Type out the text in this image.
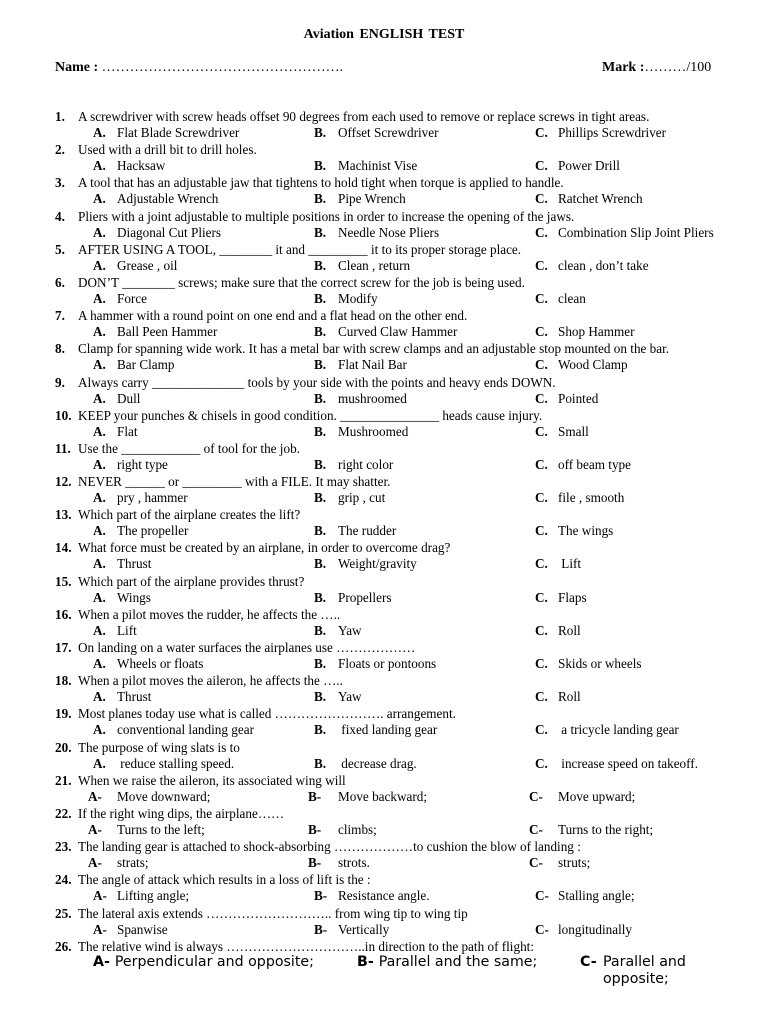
Aviation ENGLISH TEST
Name : …………………………………………….	Mark :………/100
1. A screwdriver with screw heads offset 90 degrees from each used to remove or replace screws in tight areas.
A. Flat Blade Screwdriver	B. Offset Screwdriver	C. Phillips Screwdriver
2. Used with a drill bit to drill holes.
A. Hacksaw	B. Machinist Vise	C. Power Drill
3. A tool that has an adjustable jaw that tightens to hold tight when torque is applied to handle.
A. Adjustable Wrench	B. Pipe Wrench	C. Ratchet Wrench
4. Pliers with a joint adjustable to multiple positions in order to increase the opening of the jaws.
A. Diagonal Cut Pliers	B. Needle Nose Pliers	C. Combination Slip Joint Pliers
5. AFTER USING A TOOL, ________ it and _________ it to its proper storage place.
A. Grease , oil	B. Clean , return	C. clean , don’t take
6. DON’T ________ screws; make sure that the correct screw for the job is being used.
A. Force	B. Modify	C. clean
7. A hammer with a round point on one end and a flat head on the other end.
A. Ball Peen Hammer	B. Curved Claw Hammer	C. Shop Hammer
8. Clamp for spanning wide work. It has a metal bar with screw clamps and an adjustable stop mounted on the bar.
A. Bar Clamp	B. Flat Nail Bar	C. Wood Clamp
9. Always carry ______________ tools by your side with the points and heavy ends DOWN.
A. Dull	B. mushroomed	C. Pointed
10. KEEP your punches & chisels in good condition. _______________ heads cause injury.
A. Flat	B. Mushroomed	C. Small
11. Use the ____________ of tool for the job.
A. right type	B. right color	C. off beam type
12. NEVER ______ or _________ with a FILE. It may shatter.
A. pry , hammer	B. grip , cut	C. file , smooth
13. Which part of the airplane creates the lift?
A. The propeller	B. The rudder	C. The wings
14. What force must be created by an airplane, in order to overcome drag?
A. Thrust	B. Weight/gravity	C. Lift
15. Which part of the airplane provides thrust?
A. Wings	B. Propellers	C. Flaps
16. When a pilot moves the rudder, he affects the …..
A. Lift	B. Yaw	C. Roll
17. On landing on a water surfaces the airplanes use ………………
A. Wheels or floats	B. Floats or pontoons	C. Skids or wheels
18. When a pilot moves the aileron, he affects the …..
A. Thrust	B. Yaw	C. Roll
19. Most planes today use what is called ……………………. arrangement.
A. conventional landing gear	B. fixed landing gear	C. a tricycle landing gear
20. The purpose of wing slats is to
A. reduce stalling speed.	B. decrease drag.	C. increase speed on takeoff.
21. When we raise the aileron, its associated wing will
A- Move downward;	B- Move backward;	C- Move upward;
22. If the right wing dips, the airplane……
A- Turns to the left;	B- climbs;	C- Turns to the right;
23. The landing gear is attached to shock-absorbing ………………to cushion the blow of landing :
A- strats;	B- strots.	C- struts;
24. The angle of attack which results in a loss of lift is the :
A- Lifting angle;	B- Resistance angle.	C- Stalling angle;
25. The lateral axis extends ……………………….. from wing tip to wing tip
A- Spanwise	B- Vertically	C- longitudinally
26. The relative wind is always …………………………..in direction to the path of flight:
A- Perpendicular and opposite;	B- Parallel and the same;	C- Parallel and opposite;
